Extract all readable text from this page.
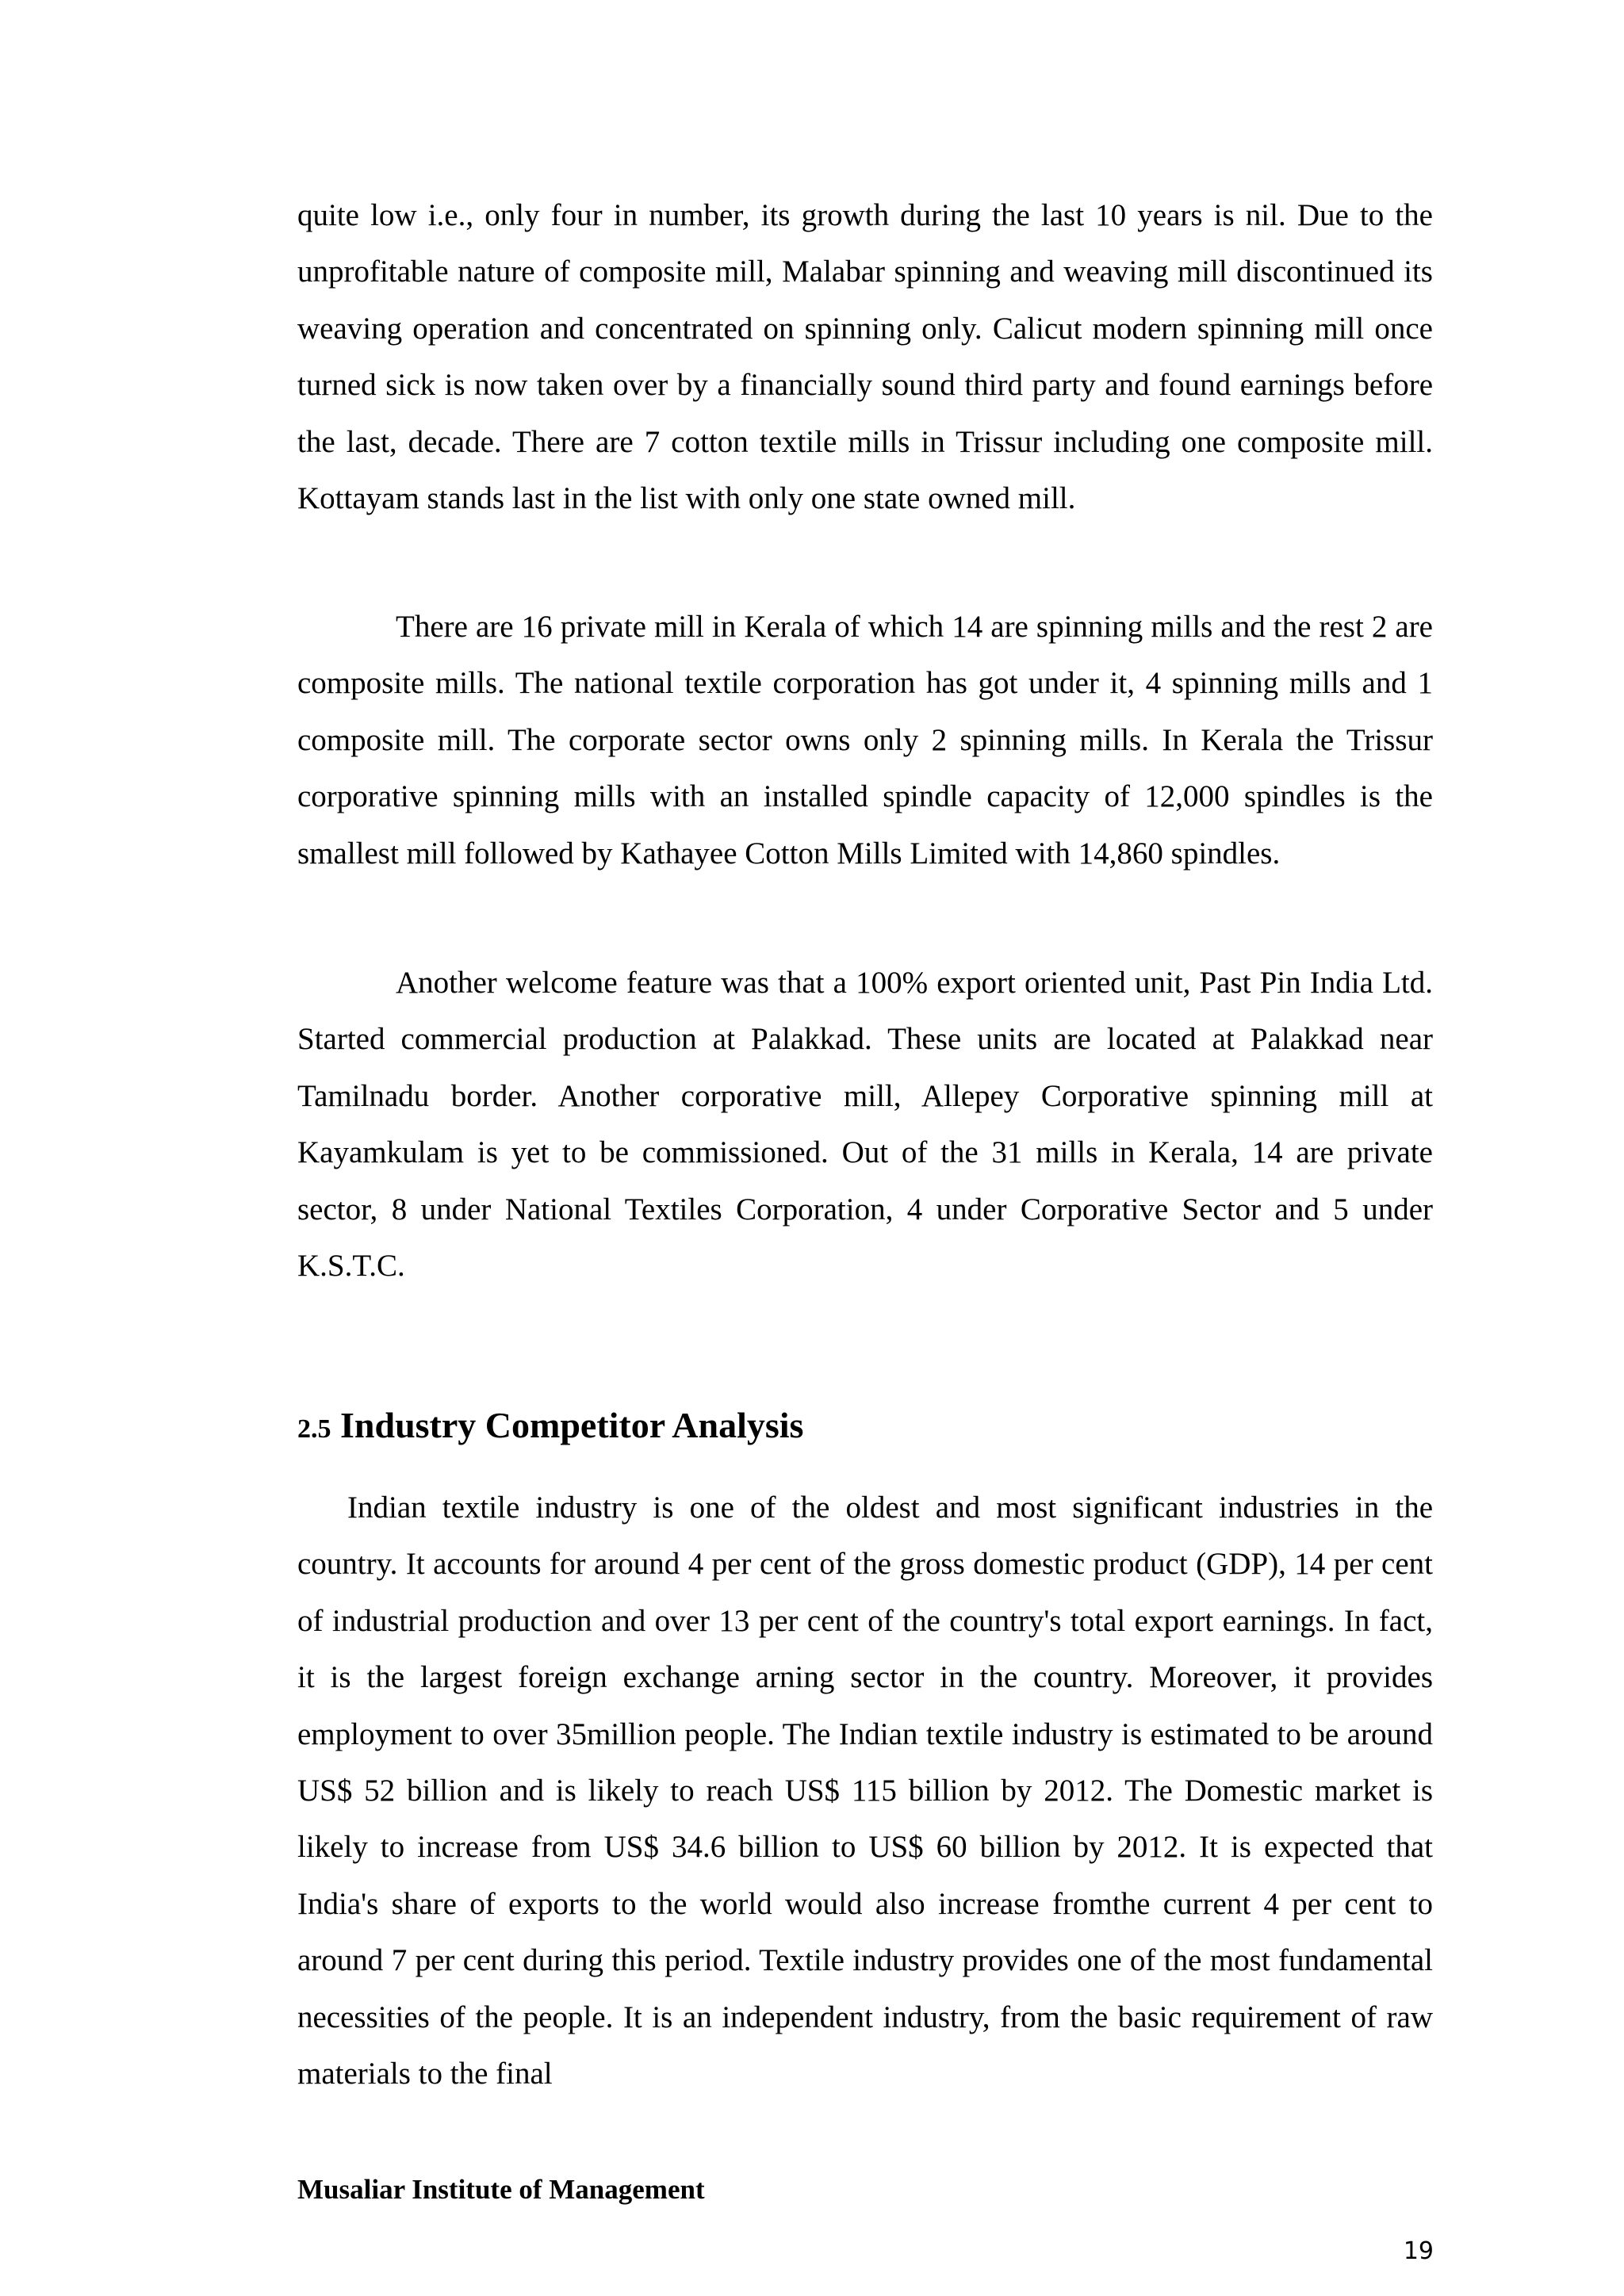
quite low i.e., only four in number, its growth during the last 10 years is nil. Due to the unprofitable nature of composite mill, Malabar spinning and weaving mill discontinued its weaving operation and concentrated on spinning only. Calicut modern spinning mill once turned sick is now taken over by a financially sound third party and found earnings before the last, decade. There are 7 cotton textile mills in Trissur including one composite mill. Kottayam stands last in the list with only one state owned mill.

There are 16 private mill in Kerala of which 14 are spinning mills and the rest 2 are composite mills. The national textile corporation has got under it, 4 spinning mills and 1 composite mill. The corporate sector owns only 2 spinning mills. In Kerala the Trissur corporative spinning mills with an installed spindle capacity of 12,000 spindles is the smallest mill followed by Kathayee Cotton Mills Limited with 14,860 spindles.

Another welcome feature was that a 100% export oriented unit, Past Pin India Ltd. Started commercial production at Palakkad. These units are located at Palakkad near Tamilnadu border. Another corporative mill, Allepey Corporative spinning mill at Kayamkulam is yet to be commissioned. Out of the 31 mills in Kerala, 14 are private sector, 8 under National Textiles Corporation, 4 under Corporative Sector and 5 under K.S.T.C.

2.5 Industry Competitor Analysis

Indian textile industry is one of the oldest and most significant industries in the country. It accounts for around 4 per cent of the gross domestic product (GDP), 14 per cent of industrial production and over 13 per cent of the country's total export earnings. In fact, it is the largest foreign exchange arning sector in the country. Moreover, it provides employment to over 35million people. The Indian textile industry is estimated to be around US$ 52 billion and is likely to reach US$ 115 billion by 2012. The Domestic market is likely to increase from US$ 34.6 billion to US$ 60 billion by 2012. It is expected that India's share of exports to the world would also increase fromthe current 4 per cent to around 7 per cent during this period. Textile industry provides one of the most fundamental necessities of the people. It is an independent industry, from the basic requirement of raw materials to the final

Musaliar Institute of Management
19
